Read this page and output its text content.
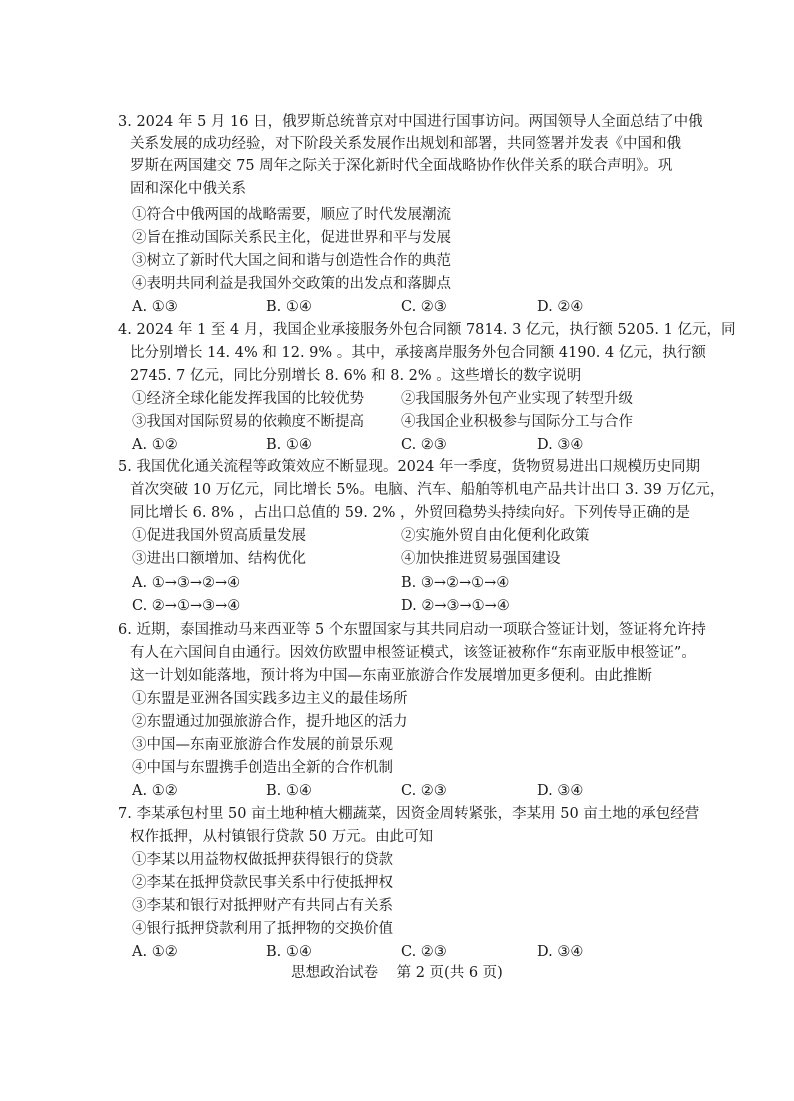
3. 2024 年 5 月 16 日，俄罗斯总统普京对中国进行国事访问。两国领导人全面总结了中俄
关系发展的成功经验，对下阶段关系发展作出规划和部署，共同签署并发表《中国和俄
罗斯在两国建交 75 周年之际关于深化新时代全面战略协作伙伴关系的联合声明》。巩
固和深化中俄关系
①符合中俄两国的战略需要，顺应了时代发展潮流
②旨在推动国际关系民主化，促进世界和平与发展
③树立了新时代大国之间和谐与创造性合作的典范
④表明共同利益是我国外交政策的出发点和落脚点
A. ①③	B. ①④	C. ②③	D. ②④
4. 2024 年 1 至 4 月，我国企业承接服务外包合同额 7814. 3 亿元，执行额 5205. 1 亿元，同
比分别增长 14. 4% 和 12. 9% 。其中，承接离岸服务外包合同额 4190. 4 亿元，执行额
2745. 7 亿元，同比分别增长 8. 6% 和 8. 2% 。这些增长的数字说明
①经济全球化能发挥我国的比较优势	②我国服务外包产业实现了转型升级
③我国对国际贸易的依赖度不断提高	④我国企业积极参与国际分工与合作
A. ①②	B. ①④	C. ②③	D. ③④
5. 我国优化通关流程等政策效应不断显现。2024 年一季度，货物贸易进出口规模历史同期
首次突破 10 万亿元，同比增长 5%。电脑、汽车、船舶等机电产品共计出口 3. 39 万亿元，
同比增长 6. 8% ，占出口总值的 59. 2% ，外贸回稳势头持续向好。下列传导正确的是
①促进我国外贸高质量发展	②实施外贸自由化便利化政策
③进出口额增加、结构优化	④加快推进贸易强国建设
A. ①→③→②→④	B. ③→②→①→④
C. ②→①→③→④	D. ②→③→①→④
6. 近期，泰国推动马来西亚等 5 个东盟国家与其共同启动一项联合签证计划，签证将允许持
有人在六国间自由通行。因效仿欧盟申根签证模式，该签证被称作“东南亚版申根签证”。
这一计划如能落地，预计将为中国—东南亚旅游合作发展增加更多便利。由此推断
①东盟是亚洲各国实践多边主义的最佳场所
②东盟通过加强旅游合作，提升地区的活力
③中国—东南亚旅游合作发展的前景乐观
④中国与东盟携手创造出全新的合作机制
A. ①②	B. ①④	C. ②③	D. ③④
7. 李某承包村里 50 亩土地种植大棚蔬菜，因资金周转紧张，李某用 50 亩土地的承包经营
权作抵押，从村镇银行贷款 50 万元。由此可知
①李某以用益物权做抵押获得银行的贷款
②李某在抵押贷款民事关系中行使抵押权
③李某和银行对抵押财产有共同占有关系
④银行抵押贷款利用了抵押物的交换价值
A. ①②	B. ①④	C. ②③	D. ③④
思想政治试卷 第 2 页(共 6 页)
